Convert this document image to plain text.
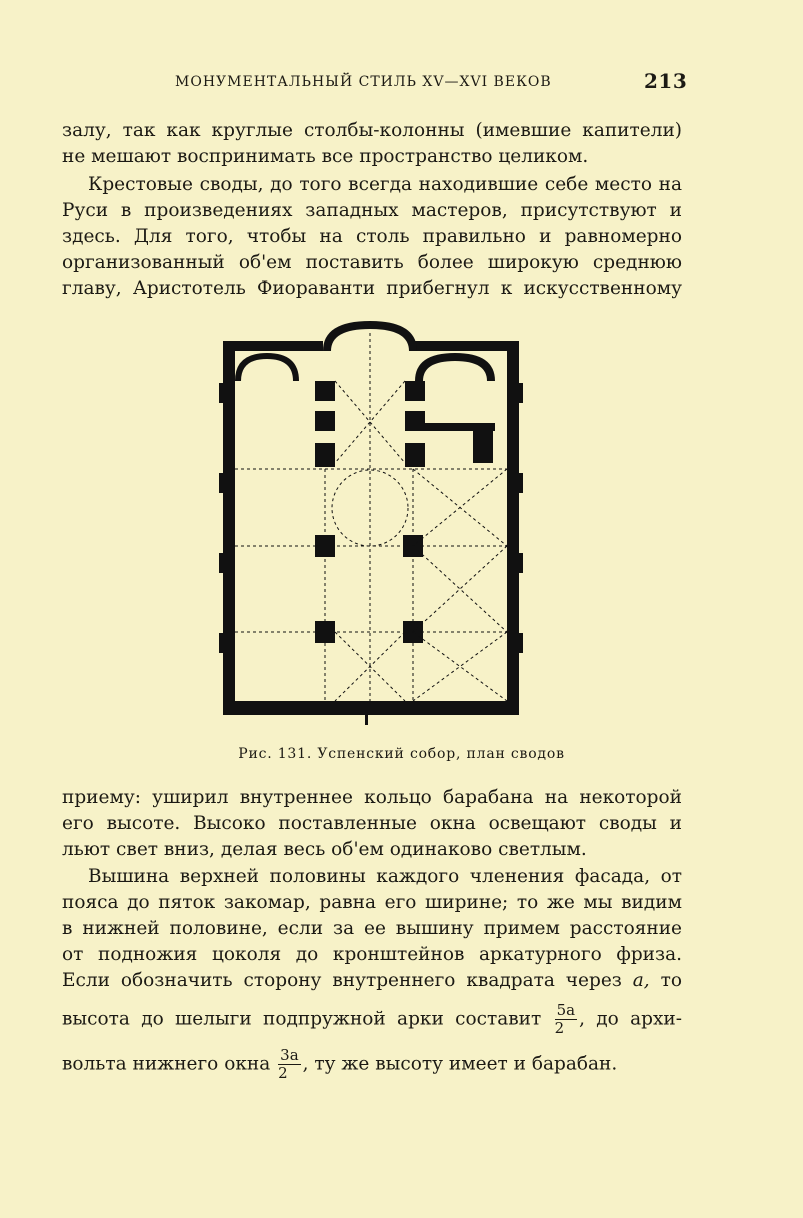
МОНУМЕНТАЛЬНЫЙ СТИЛЬ XV—XVI ВЕКОВ	213

залу, так как круглые столбы-колонны (имевшие капители)
не мешают воспринимать все пространство целиком.

Крестовые своды, до того всегда находившие себе место на
Руси в произведениях западных мастеров, присутствуют и
здесь. Для того, чтобы на столь правильно и равномерно
организованный об'ем поставить более широкую среднюю
главу, Аристотель Фиораванти прибегнул к искусственному

Рис. 131. Успенский собор, план сводов

приему: уширил внутреннее кольцо барабана на некоторой
его высоте. Высоко поставленные окна освещают своды и
льют свет вниз, делая весь об'ем одинаково светлым.

Вышина верхней половины каждого членения фасада, от
пояса до пяток закомар, равна его ширине; то же мы видим
в нижней половине, если за ее вышину примем расстояние
от подножия цоколя до кронштейнов аркатурного фриза.
Если обозначить сторону внутреннего квадрата через a, то
высота до шелыги подпружной арки составит $\frac{5a}{2}$ , до архи-
вольта нижнего окна $\frac{3a}{2}$ , ту же высоту имеет и барабан.
